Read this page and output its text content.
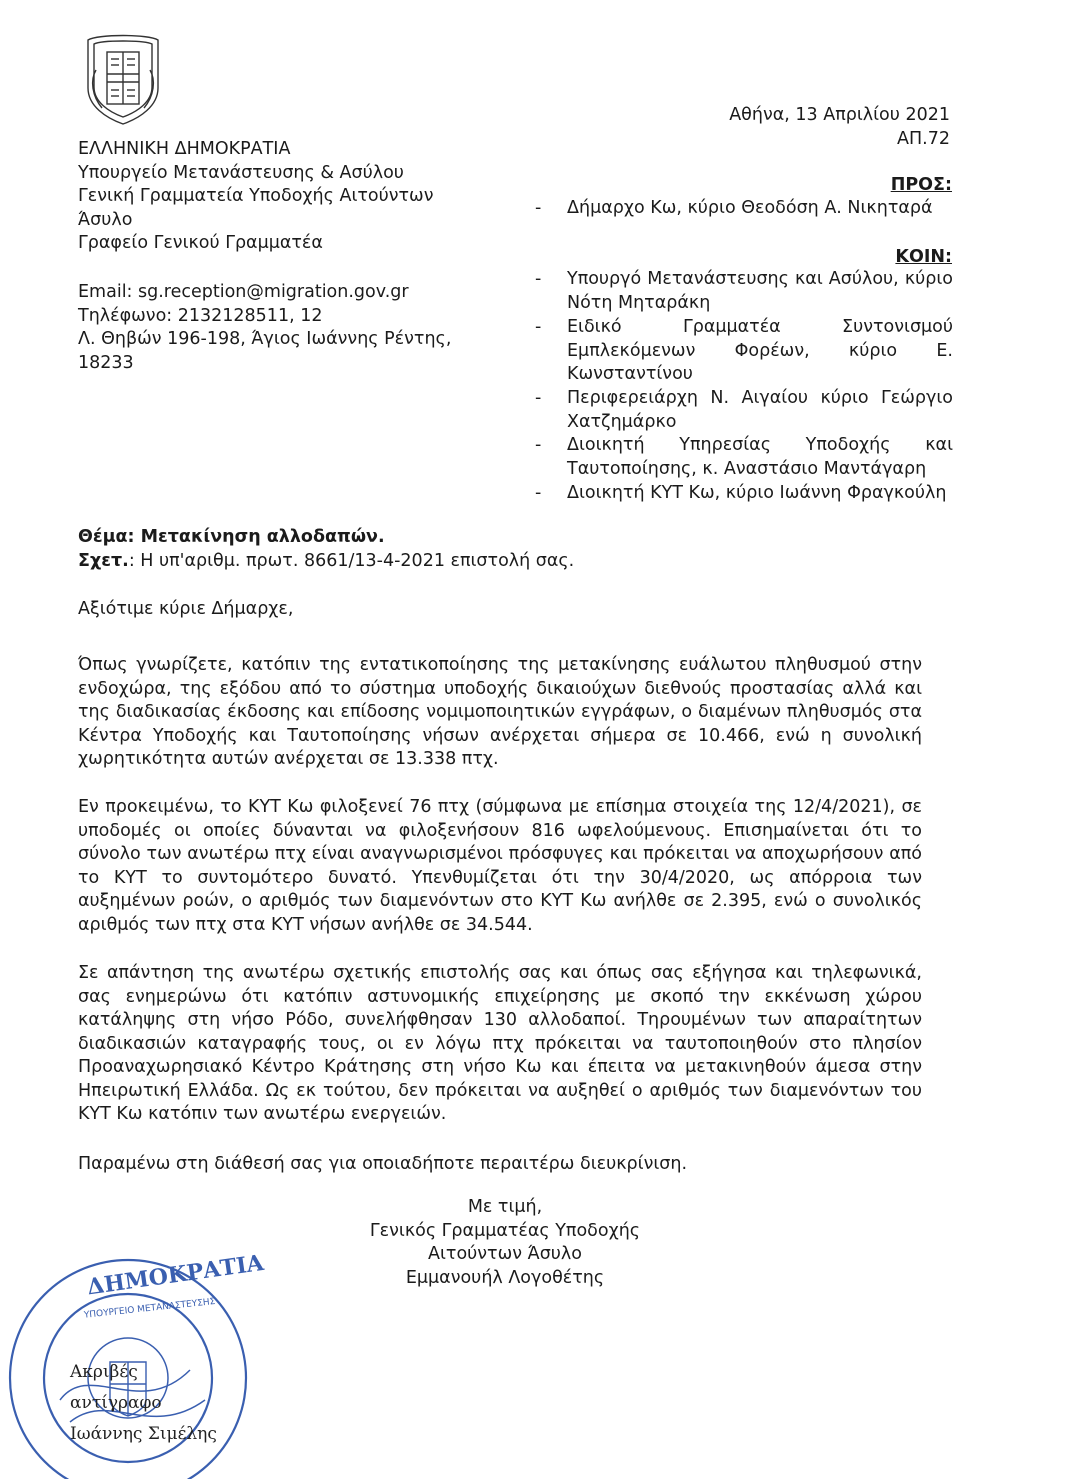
ΕΛΛΗΝΙΚΗ ΔΗΜΟΚΡΑΤΙΑ
Υπουργείο Μετανάστευσης & Ασύλου
Γενική Γραμματεία Υποδοχής Αιτούντων
Άσυλο
Γραφείο Γενικού Γραμματέα
Email: sg.reception@migration.gov.gr
Τηλέφωνο: 2132128511, 12
Λ. Θηβών 196-198, Άγιος Ιωάννης Ρέντης,
18233
Αθήνα, 13 Απριλίου 2021
ΑΠ.72
ΠΡΟΣ:
-	Δήμαρχο Κω, κύριο Θεοδόση Α. Νικηταρά
ΚΟΙΝ:
-	Υπουργό Μετανάστευσης και Ασύλου, κύριο Νότη Μηταράκη
-	Ειδικό Γραμματέα Συντονισμού Εμπλεκόμενων Φορέων, κύριο Ε. Κωνσταντίνου
-	Περιφερειάρχη Ν. Αιγαίου κύριο Γεώργιο Χατζημάρκο
-	Διοικητή Υπηρεσίας Υποδοχής και Ταυτοποίησης, κ. Αναστάσιο Μαντάγαρη
-	Διοικητή ΚΥΤ Κω, κύριο Ιωάννη Φραγκούλη
Θέμα: Μετακίνηση αλλοδαπών.
Σχετ.: Η υπ'αριθμ. πρωτ. 8661/13-4-2021 επιστολή σας.
Αξιότιμε κύριε Δήμαρχε,
Όπως γνωρίζετε, κατόπιν της εντατικοποίησης της μετακίνησης ευάλωτου πληθυσμού στην ενδοχώρα, της εξόδου από το σύστημα υποδοχής δικαιούχων διεθνούς προστασίας αλλά και της διαδικασίας έκδοσης και επίδοσης νομιμοποιητικών εγγράφων, ο διαμένων πληθυσμός στα Κέντρα Υποδοχής και Ταυτοποίησης νήσων ανέρχεται σήμερα σε 10.466, ενώ η συνολική χωρητικότητα αυτών ανέρχεται σε 13.338 πτχ.
Εν προκειμένω, το ΚΥΤ Κω φιλοξενεί 76 πτχ (σύμφωνα με επίσημα στοιχεία της 12/4/2021), σε υποδομές οι οποίες δύνανται να φιλοξενήσουν 816 ωφελούμενους. Επισημαίνεται ότι το σύνολο των ανωτέρω πτχ είναι αναγνωρισμένοι πρόσφυγες και πρόκειται να αποχωρήσουν από το ΚΥΤ το συντομότερο δυνατό. Υπενθυμίζεται ότι την 30/4/2020, ως απόρροια των αυξημένων ροών, ο αριθμός των διαμενόντων στο ΚΥΤ Κω ανήλθε σε 2.395, ενώ ο συνολικός αριθμός των πτχ στα ΚΥΤ νήσων ανήλθε σε 34.544.
Σε απάντηση της ανωτέρω σχετικής επιστολής σας και όπως σας εξήγησα και τηλεφωνικά, σας ενημερώνω ότι κατόπιν αστυνομικής επιχείρησης με σκοπό την εκκένωση χώρου κατάληψης στη νήσο Ρόδο, συνελήφθησαν 130 αλλοδαποί. Τηρουμένων των απαραίτητων διαδικασιών καταγραφής τους, οι εν λόγω πτχ πρόκειται να ταυτοποιηθούν στο πλησίον Προαναχωρησιακό Κέντρο Κράτησης στη νήσο Κω και έπειτα να μετακινηθούν άμεσα στην Ηπειρωτική Ελλάδα. Ως εκ τούτου, δεν πρόκειται να αυξηθεί ο αριθμός των διαμενόντων του ΚΥΤ Κω κατόπιν των ανωτέρω ενεργειών.
Παραμένω στη διάθεσή σας για οποιαδήποτε περαιτέρω διευκρίνιση.
Με τιμή,
Γενικός Γραμματέας Υποδοχής
Αιτούντων Άσυλο
Εμμανουήλ Λογοθέτης
ΔΗΜΟΚΡΑΤΙΑ
ΥΠΟΥΡΓΕΙΟ ΜΕΤΑΝΑΣΤΕΥΣΗΣ
Ακριβές αντίγραφο
Ιωάννης Σιμέλης
